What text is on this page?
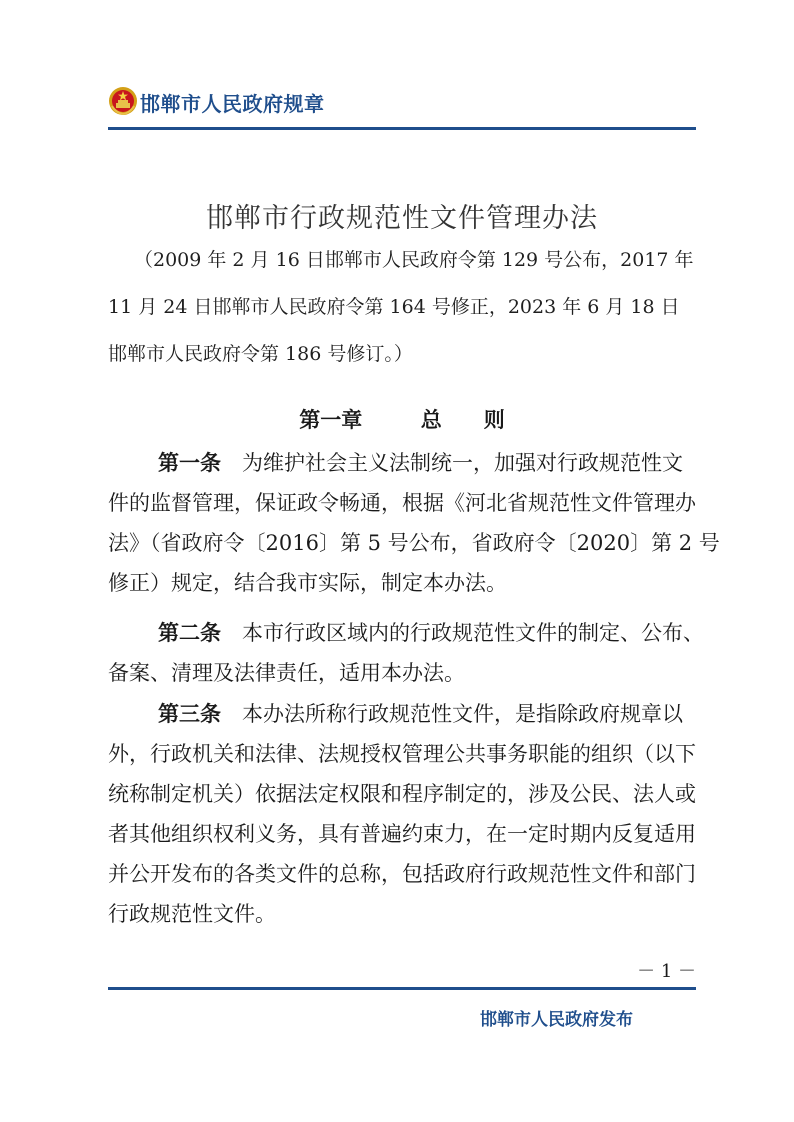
邯郸市人民政府规章
邯郸市行政规范性文件管理办法
（2009 年 2 月 16 日邯郸市人民政府令第 129 号公布，2017 年
11 月 24 日邯郸市人民政府令第 164 号修正，2023 年 6 月 18 日
邯郸市人民政府令第 186 号修订。）
第一章	总　　则
第一条　 为维护社会主义法制统一，加强对行政规范性文
件的监督管理，保证政令畅通，根据《河北省规范性文件管理办
法》（省政府令〔2016〕第 5 号公布，省政府令〔2020〕第 2 号
修正）规定，结合我市实际，制定本办法。
第二条　 本市行政区域内的行政规范性文件的制定、公布、
备案、清理及法律责任，适用本办法。
第三条　 本办法所称行政规范性文件，是指除政府规章以
外，行政机关和法律、法规授权管理公共事务职能的组织（以下
统称制定机关）依据法定权限和程序制定的，涉及公民、法人或
者其他组织权利义务，具有普遍约束力，在一定时期内反复适用
并公开发布的各类文件的总称，包括政府行政规范性文件和部门
行政规范性文件。
－ 1 －
邯郸市人民政府发布
